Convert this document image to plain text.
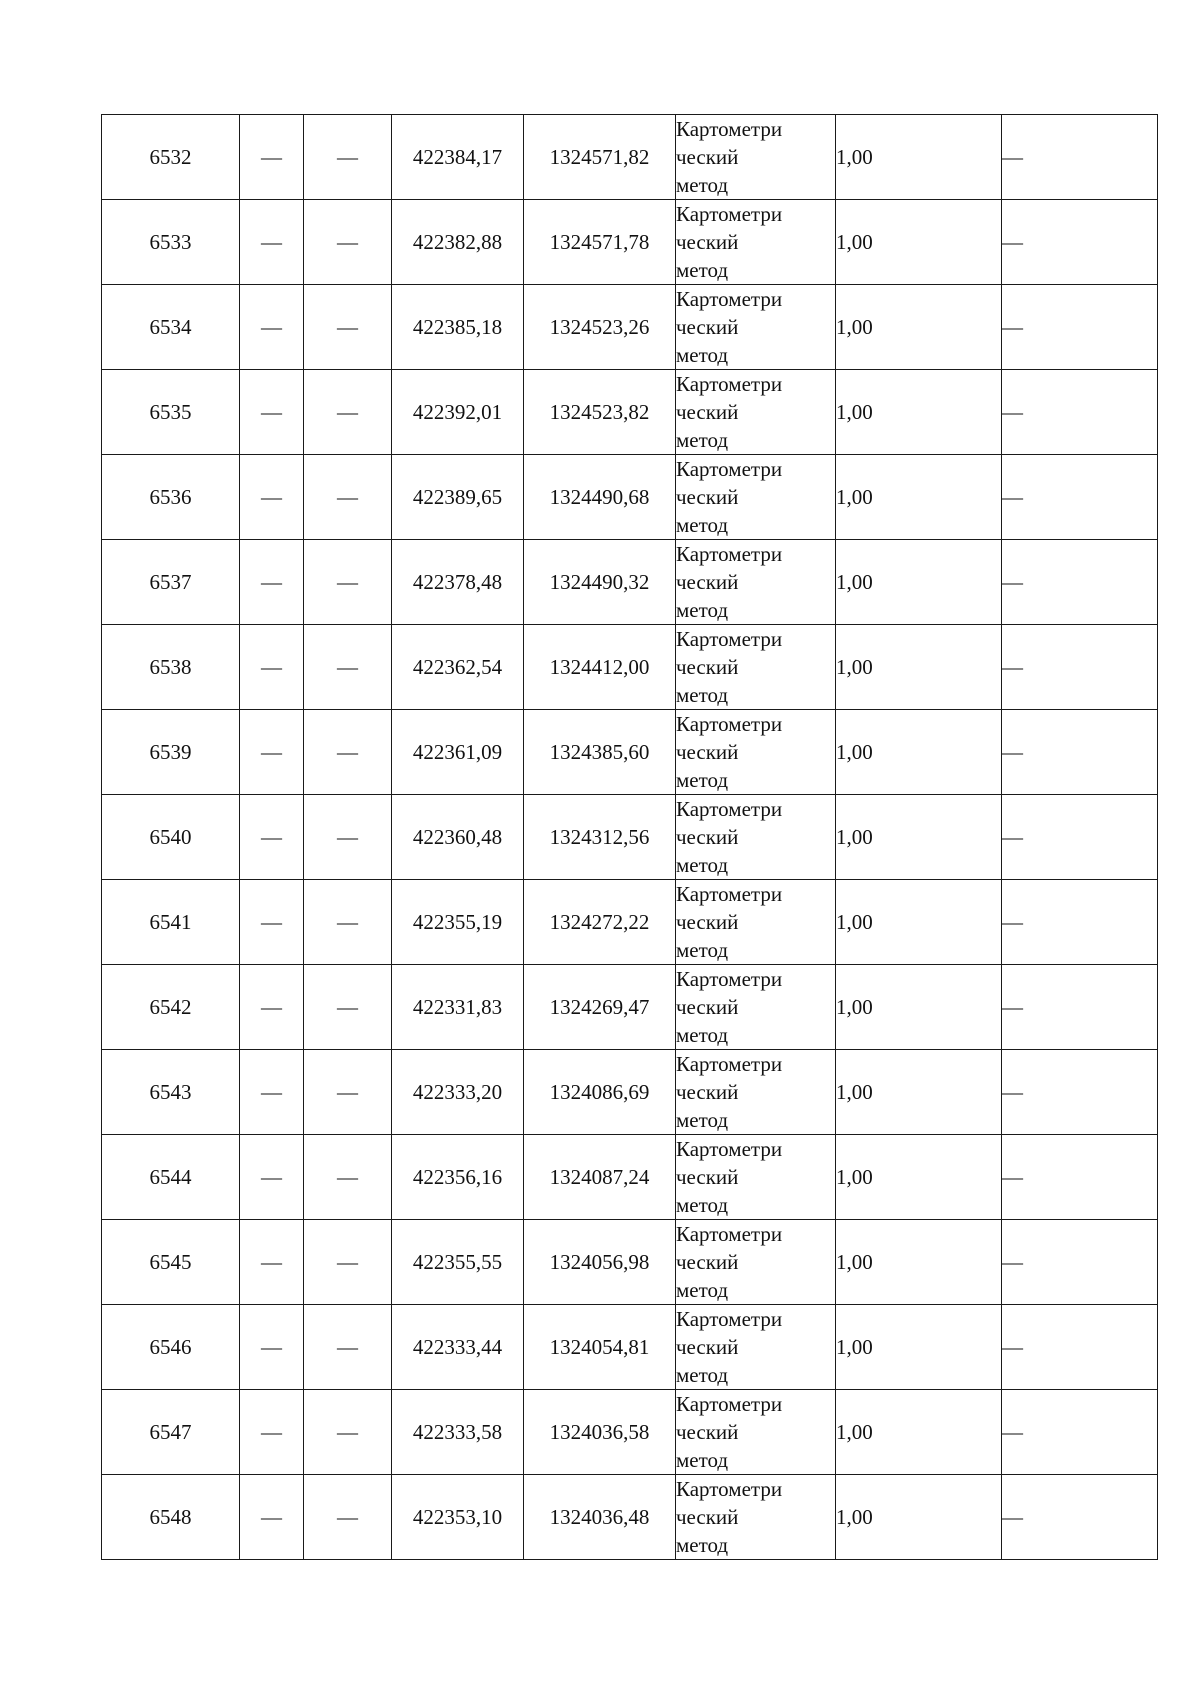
6532	—	—	422384,17	1324571,82	Картометри
ческий
метод	1,00	—
6533	—	—	422382,88	1324571,78	Картометри
ческий
метод	1,00	—
6534	—	—	422385,18	1324523,26	Картометри
ческий
метод	1,00	—
6535	—	—	422392,01	1324523,82	Картометри
ческий
метод	1,00	—
6536	—	—	422389,65	1324490,68	Картометри
ческий
метод	1,00	—
6537	—	—	422378,48	1324490,32	Картометри
ческий
метод	1,00	—
6538	—	—	422362,54	1324412,00	Картометри
ческий
метод	1,00	—
6539	—	—	422361,09	1324385,60	Картометри
ческий
метод	1,00	—
6540	—	—	422360,48	1324312,56	Картометри
ческий
метод	1,00	—
6541	—	—	422355,19	1324272,22	Картометри
ческий
метод	1,00	—
6542	—	—	422331,83	1324269,47	Картометри
ческий
метод	1,00	—
6543	—	—	422333,20	1324086,69	Картометри
ческий
метод	1,00	—
6544	—	—	422356,16	1324087,24	Картометри
ческий
метод	1,00	—
6545	—	—	422355,55	1324056,98	Картометри
ческий
метод	1,00	—
6546	—	—	422333,44	1324054,81	Картометри
ческий
метод	1,00	—
6547	—	—	422333,58	1324036,58	Картометри
ческий
метод	1,00	—
6548	—	—	422353,10	1324036,48	Картометри
ческий
метод	1,00	—
